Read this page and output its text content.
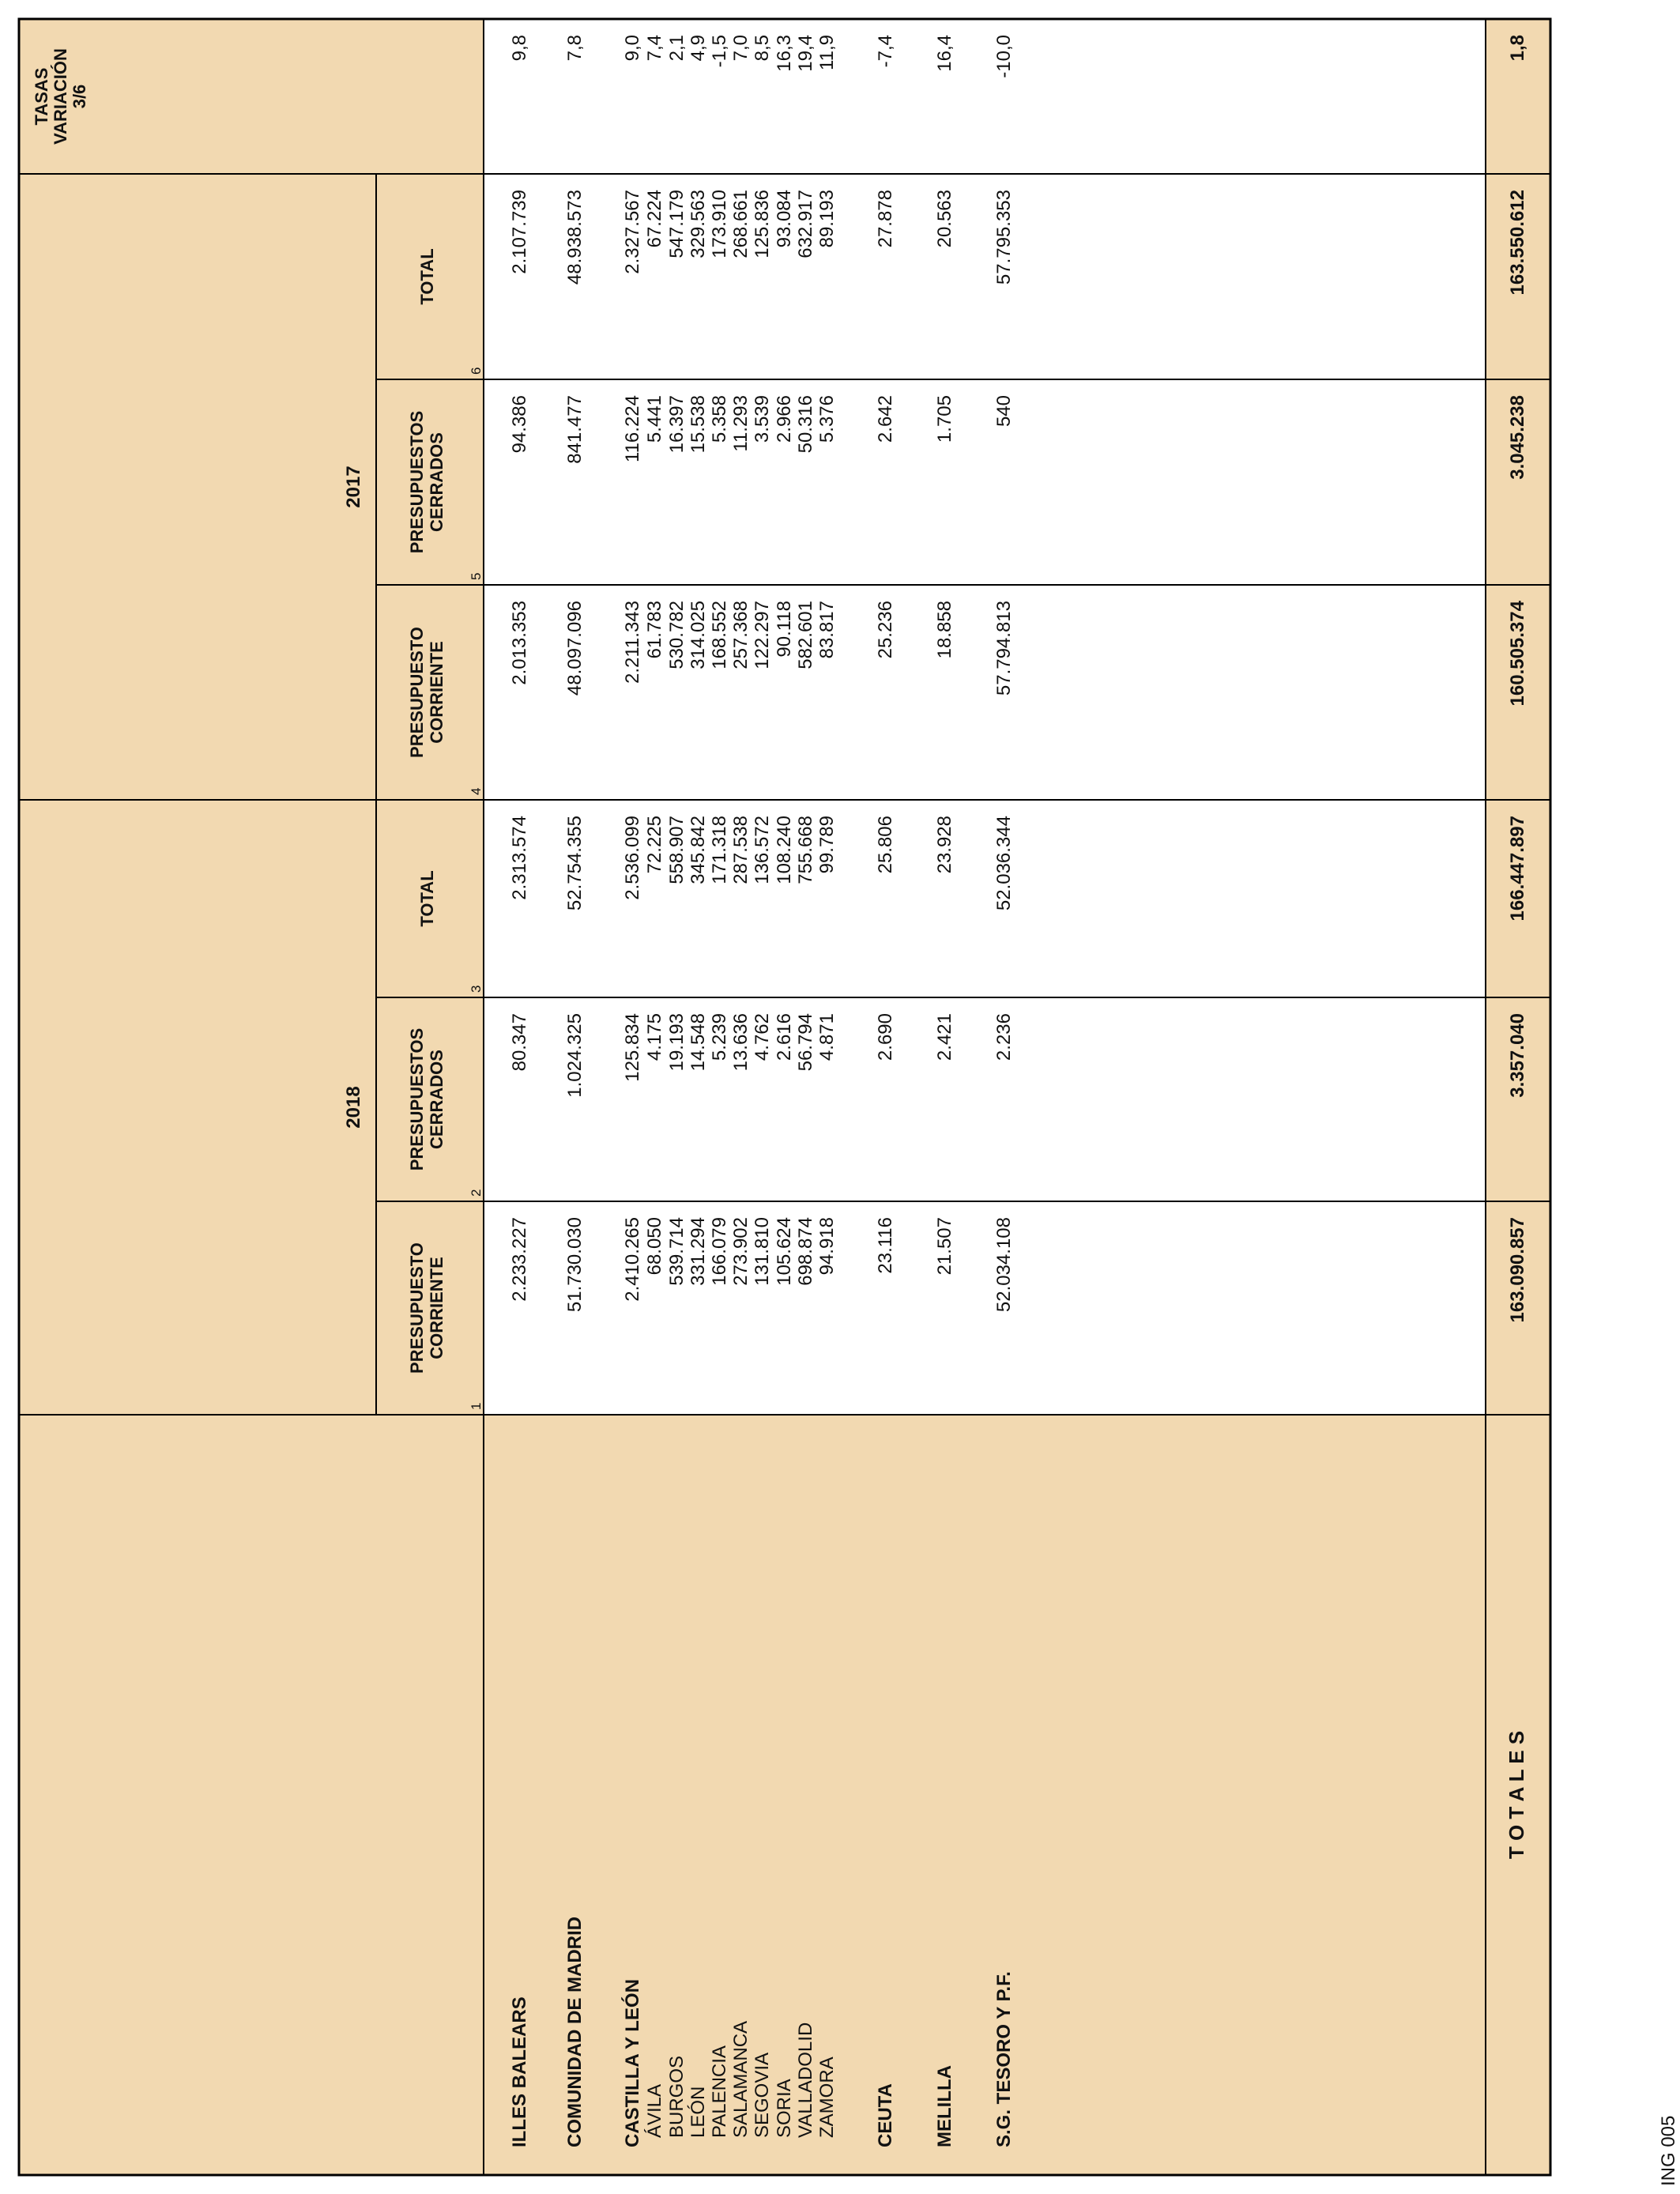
ING 005
2018
2017
PRESUPUESTO CORRIENTE
1
PRESUPUESTOS CERRADOS
2
TOTAL
3
PRESUPUESTO CORRIENTE
4
PRESUPUESTOS CERRADOS
5
TOTAL
6
TASAS VARIACIÓN 3/6
ILLES BALEARS
2.233.227
80.347
2.313.574
2.013.353
94.386
2.107.739
9,8
COMUNIDAD DE MADRID
51.730.030
1.024.325
52.754.355
48.097.096
841.477
48.938.573
7,8
CASTILLA Y LEÓN
2.410.265
125.834
2.536.099
2.211.343
116.224
2.327.567
9,0
ÁVILA
68.050
4.175
72.225
61.783
5.441
67.224
7,4
BURGOS
539.714
19.193
558.907
530.782
16.397
547.179
2,1
LEÓN
331.294
14.548
345.842
314.025
15.538
329.563
4,9
PALENCIA
166.079
5.239
171.318
168.552
5.358
173.910
-1,5
SALAMANCA
273.902
13.636
287.538
257.368
11.293
268.661
7,0
SEGOVIA
131.810
4.762
136.572
122.297
3.539
125.836
8,5
SORIA
105.624
2.616
108.240
90.118
2.966
93.084
16,3
VALLADOLID
698.874
56.794
755.668
582.601
50.316
632.917
19,4
ZAMORA
94.918
4.871
99.789
83.817
5.376
89.193
11,9
CEUTA
23.116
2.690
25.806
25.236
2.642
27.878
-7,4
MELILLA
21.507
2.421
23.928
18.858
1.705
20.563
16,4
S.G. TESORO Y P.F.
52.034.108
2.236
52.036.344
57.794.813
540
57.795.353
-10,0
T O T A L E S
163.090.857
3.357.040
166.447.897
160.505.374
3.045.238
163.550.612
1,8
